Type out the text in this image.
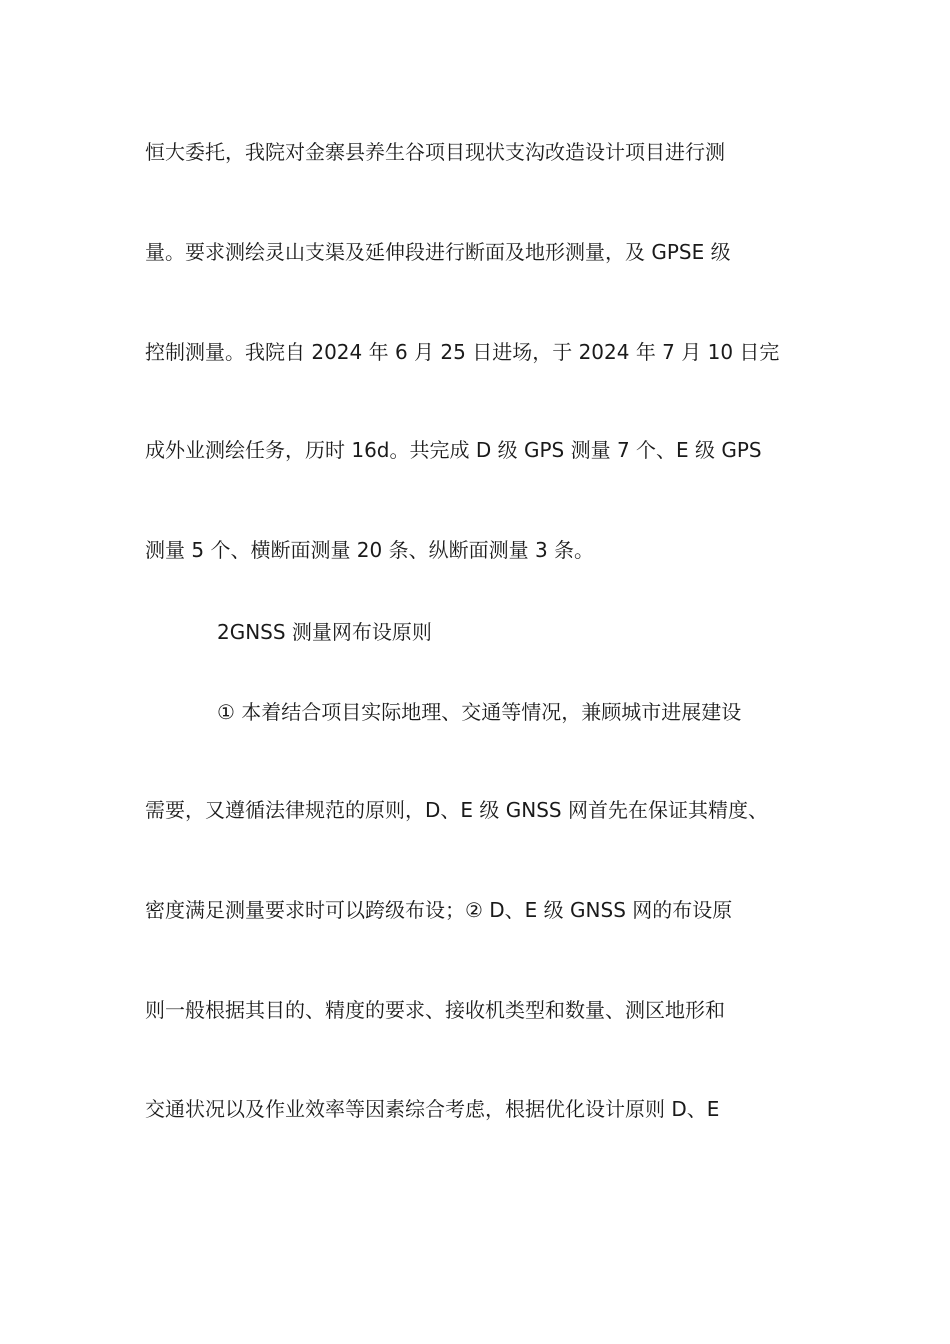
恒大委托，我院对金寨县养生谷项目现状支沟改造设计项目进行测
量。要求测绘灵山支渠及延伸段进行断面及地形测量，及 GPSE 级
控制测量。我院自 2024 年 6 月 25 日进场，于 2024 年 7 月 10 日完
成外业测绘任务，历时 16d。共完成 D 级 GPS 测量 7 个、E 级 GPS
测量 5 个、横断面测量 20 条、纵断面测量 3 条。
2GNSS 测量网布设原则
① 本着结合项目实际地理、交通等情况，兼顾城市进展建设
需要，又遵循法律规范的原则，D、E 级 GNSS 网首先在保证其精度、
密度满足测量要求时可以跨级布设；② D、E 级 GNSS 网的布设原
则一般根据其目的、精度的要求、接收机类型和数量、测区地形和
交通状况以及作业效率等因素综合考虑，根据优化设计原则 D、E
